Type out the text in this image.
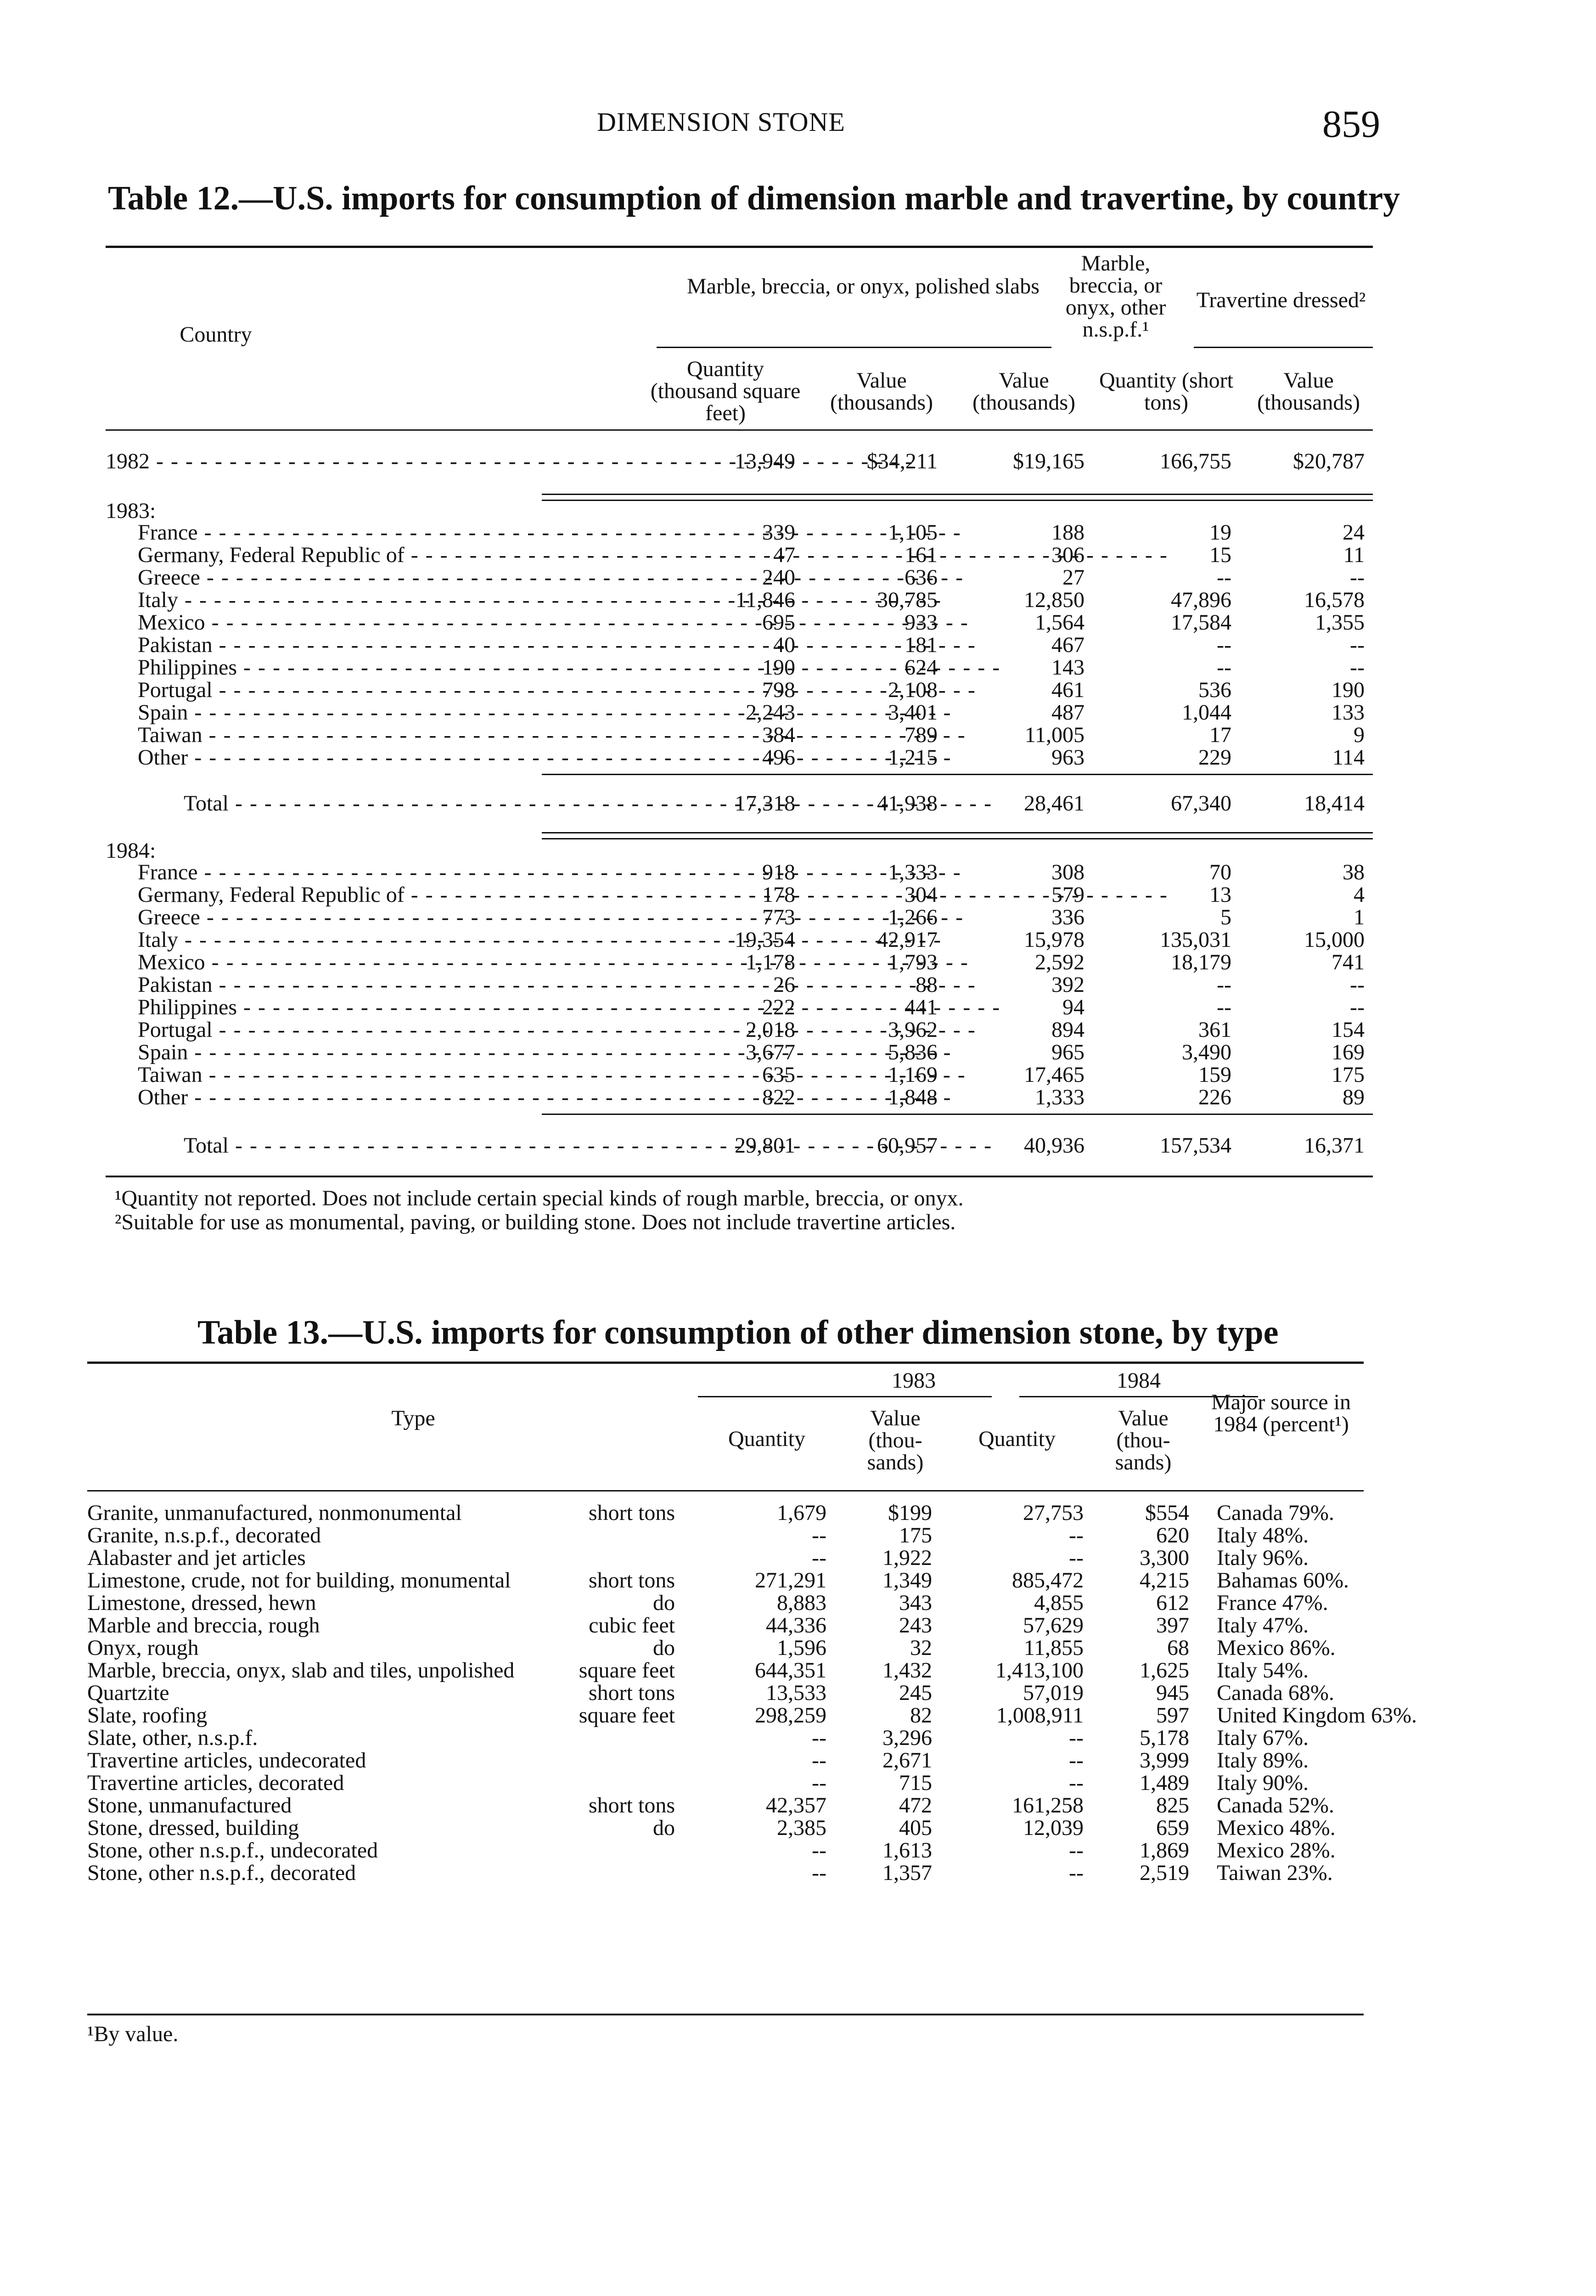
DIMENSION STONE	859
Table 12.—U.S. imports for consumption of dimension marble and travertine, by country
Country
Marble, breccia, or onyx, polished slabs
Marble, breccia, or onyx, other n.s.p.f.¹
Travertine dressed²
Quantity (thousand square feet)
Value (thousands)
Value (thousands)
Quantity (short tons)
Value (thousands)
1982 - - -	13,949	$34,211	$19,165	166,755	$20,787
1983:
France - - -	339	1,105	188	19	24
Germany, Federal Republic of - - -	47	161	306	15	11
Greece - - -	240	636	27	--	--
Italy - - -	11,846	30,785	12,850	47,896	16,578
Mexico - - -	695	933	1,564	17,584	1,355
Pakistan - - -	40	181	467	--	--
Philippines - - -	190	624	143	--	--
Portugal - - -	798	2,108	461	536	190
Spain - - -	2,243	3,401	487	1,044	133
Taiwan - - -	384	789	11,005	17	9
Other - - -	496	1,215	963	229	114
Total - - -	17,318	41,938	28,461	67,340	18,414
1984:
France - - -	918	1,333	308	70	38
Germany, Federal Republic of - - -	178	304	579	13	4
Greece - - -	773	1,266	336	5	1
Italy - - -	19,354	42,917	15,978	135,031	15,000
Mexico - - -	1,178	1,793	2,592	18,179	741
Pakistan - - -	26	88	392	--	--
Philippines - - -	222	441	94	--	--
Portugal - - -	2,018	3,962	894	361	154
Spain - - -	3,677	5,836	965	3,490	169
Taiwan - - -	635	1,169	17,465	159	175
Other - - -	822	1,848	1,333	226	89
Total - - -	29,801	60,957	40,936	157,534	16,371
¹Quantity not reported. Does not include certain special kinds of rough marble, breccia, or onyx.
²Suitable for use as monumental, paving, or building stone. Does not include travertine articles.
Table 13.—U.S. imports for consumption of other dimension stone, by type
Type
1983	1984
Quantity
Value (thou- sands)
Quantity
Value (thou- sands)
Major source in 1984 (percent¹)
Granite, unmanufactured, nonmonumental short tons	1,679	$199	27,753	$554	Canada 79%.
Granite, n.s.p.f., decorated	--	175	--	620	Italy 48%.
Alabaster and jet articles	--	1,922	--	3,300	Italy 96%.
Limestone, crude, not for building, monumental short tons	271,291	1,349	885,472	4,215	Bahamas 60%.
Limestone, dressed, hewn do	8,883	343	4,855	612	France 47%.
Marble and breccia, rough cubic feet	44,336	243	57,629	397	Italy 47%.
Onyx, rough do	1,596	32	11,855	68	Mexico 86%.
Marble, breccia, onyx, slab and tiles, unpolished square feet	644,351	1,432	1,413,100	1,625	Italy 54%.
Quartzite short tons	13,533	245	57,019	945	Canada 68%.
Slate, roofing square feet	298,259	82	1,008,911	597	United Kingdom 63%.
Slate, other, n.s.p.f.	--	3,296	--	5,178	Italy 67%.
Travertine articles, undecorated	--	2,671	--	3,999	Italy 89%.
Travertine articles, decorated	--	715	--	1,489	Italy 90%.
Stone, unmanufactured short tons	42,357	472	161,258	825	Canada 52%.
Stone, dressed, building do	2,385	405	12,039	659	Mexico 48%.
Stone, other n.s.p.f., undecorated	--	1,613	--	1,869	Mexico 28%.
Stone, other n.s.p.f., decorated	--	1,357	--	2,519	Taiwan 23%.
¹By value.
